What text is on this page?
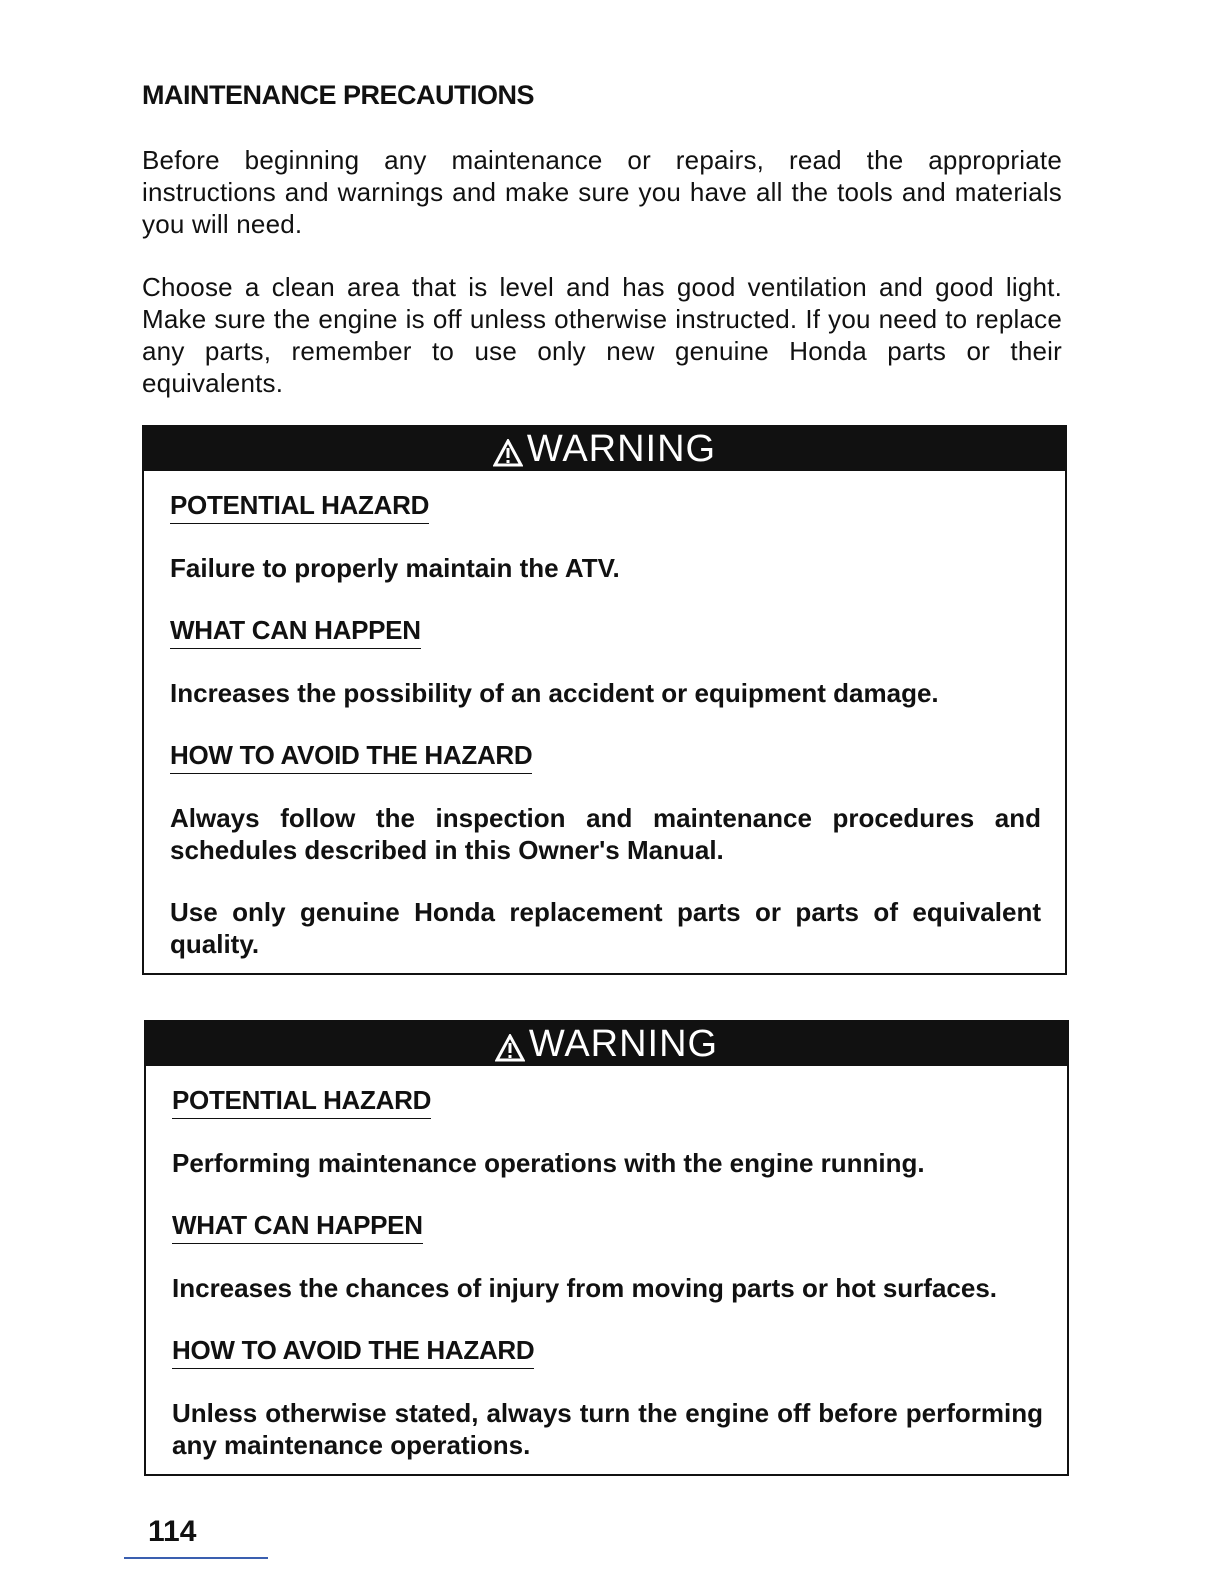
MAINTENANCE PRECAUTIONS

Before beginning any maintenance or repairs, read the appropriate instructions and warnings and make sure you have all the tools and materials you will need.

Choose a clean area that is level and has good ventilation and good light. Make sure the engine is off unless otherwise instructed. If you need to replace any parts, remember to use only new genuine Honda parts or their equivalents.

WARNING
POTENTIAL HAZARD
Failure to properly maintain the ATV.
WHAT CAN HAPPEN
Increases the possibility of an accident or equipment damage.
HOW TO AVOID THE HAZARD
Always follow the inspection and maintenance procedures and schedules described in this Owner's Manual.
Use only genuine Honda replacement parts or parts of equivalent quality.
WARNING
POTENTIAL HAZARD
Performing maintenance operations with the engine running.
WHAT CAN HAPPEN
Increases the chances of injury from moving parts or hot surfaces.
HOW TO AVOID THE HAZARD
Unless otherwise stated, always turn the engine off before performing any maintenance operations.
114
